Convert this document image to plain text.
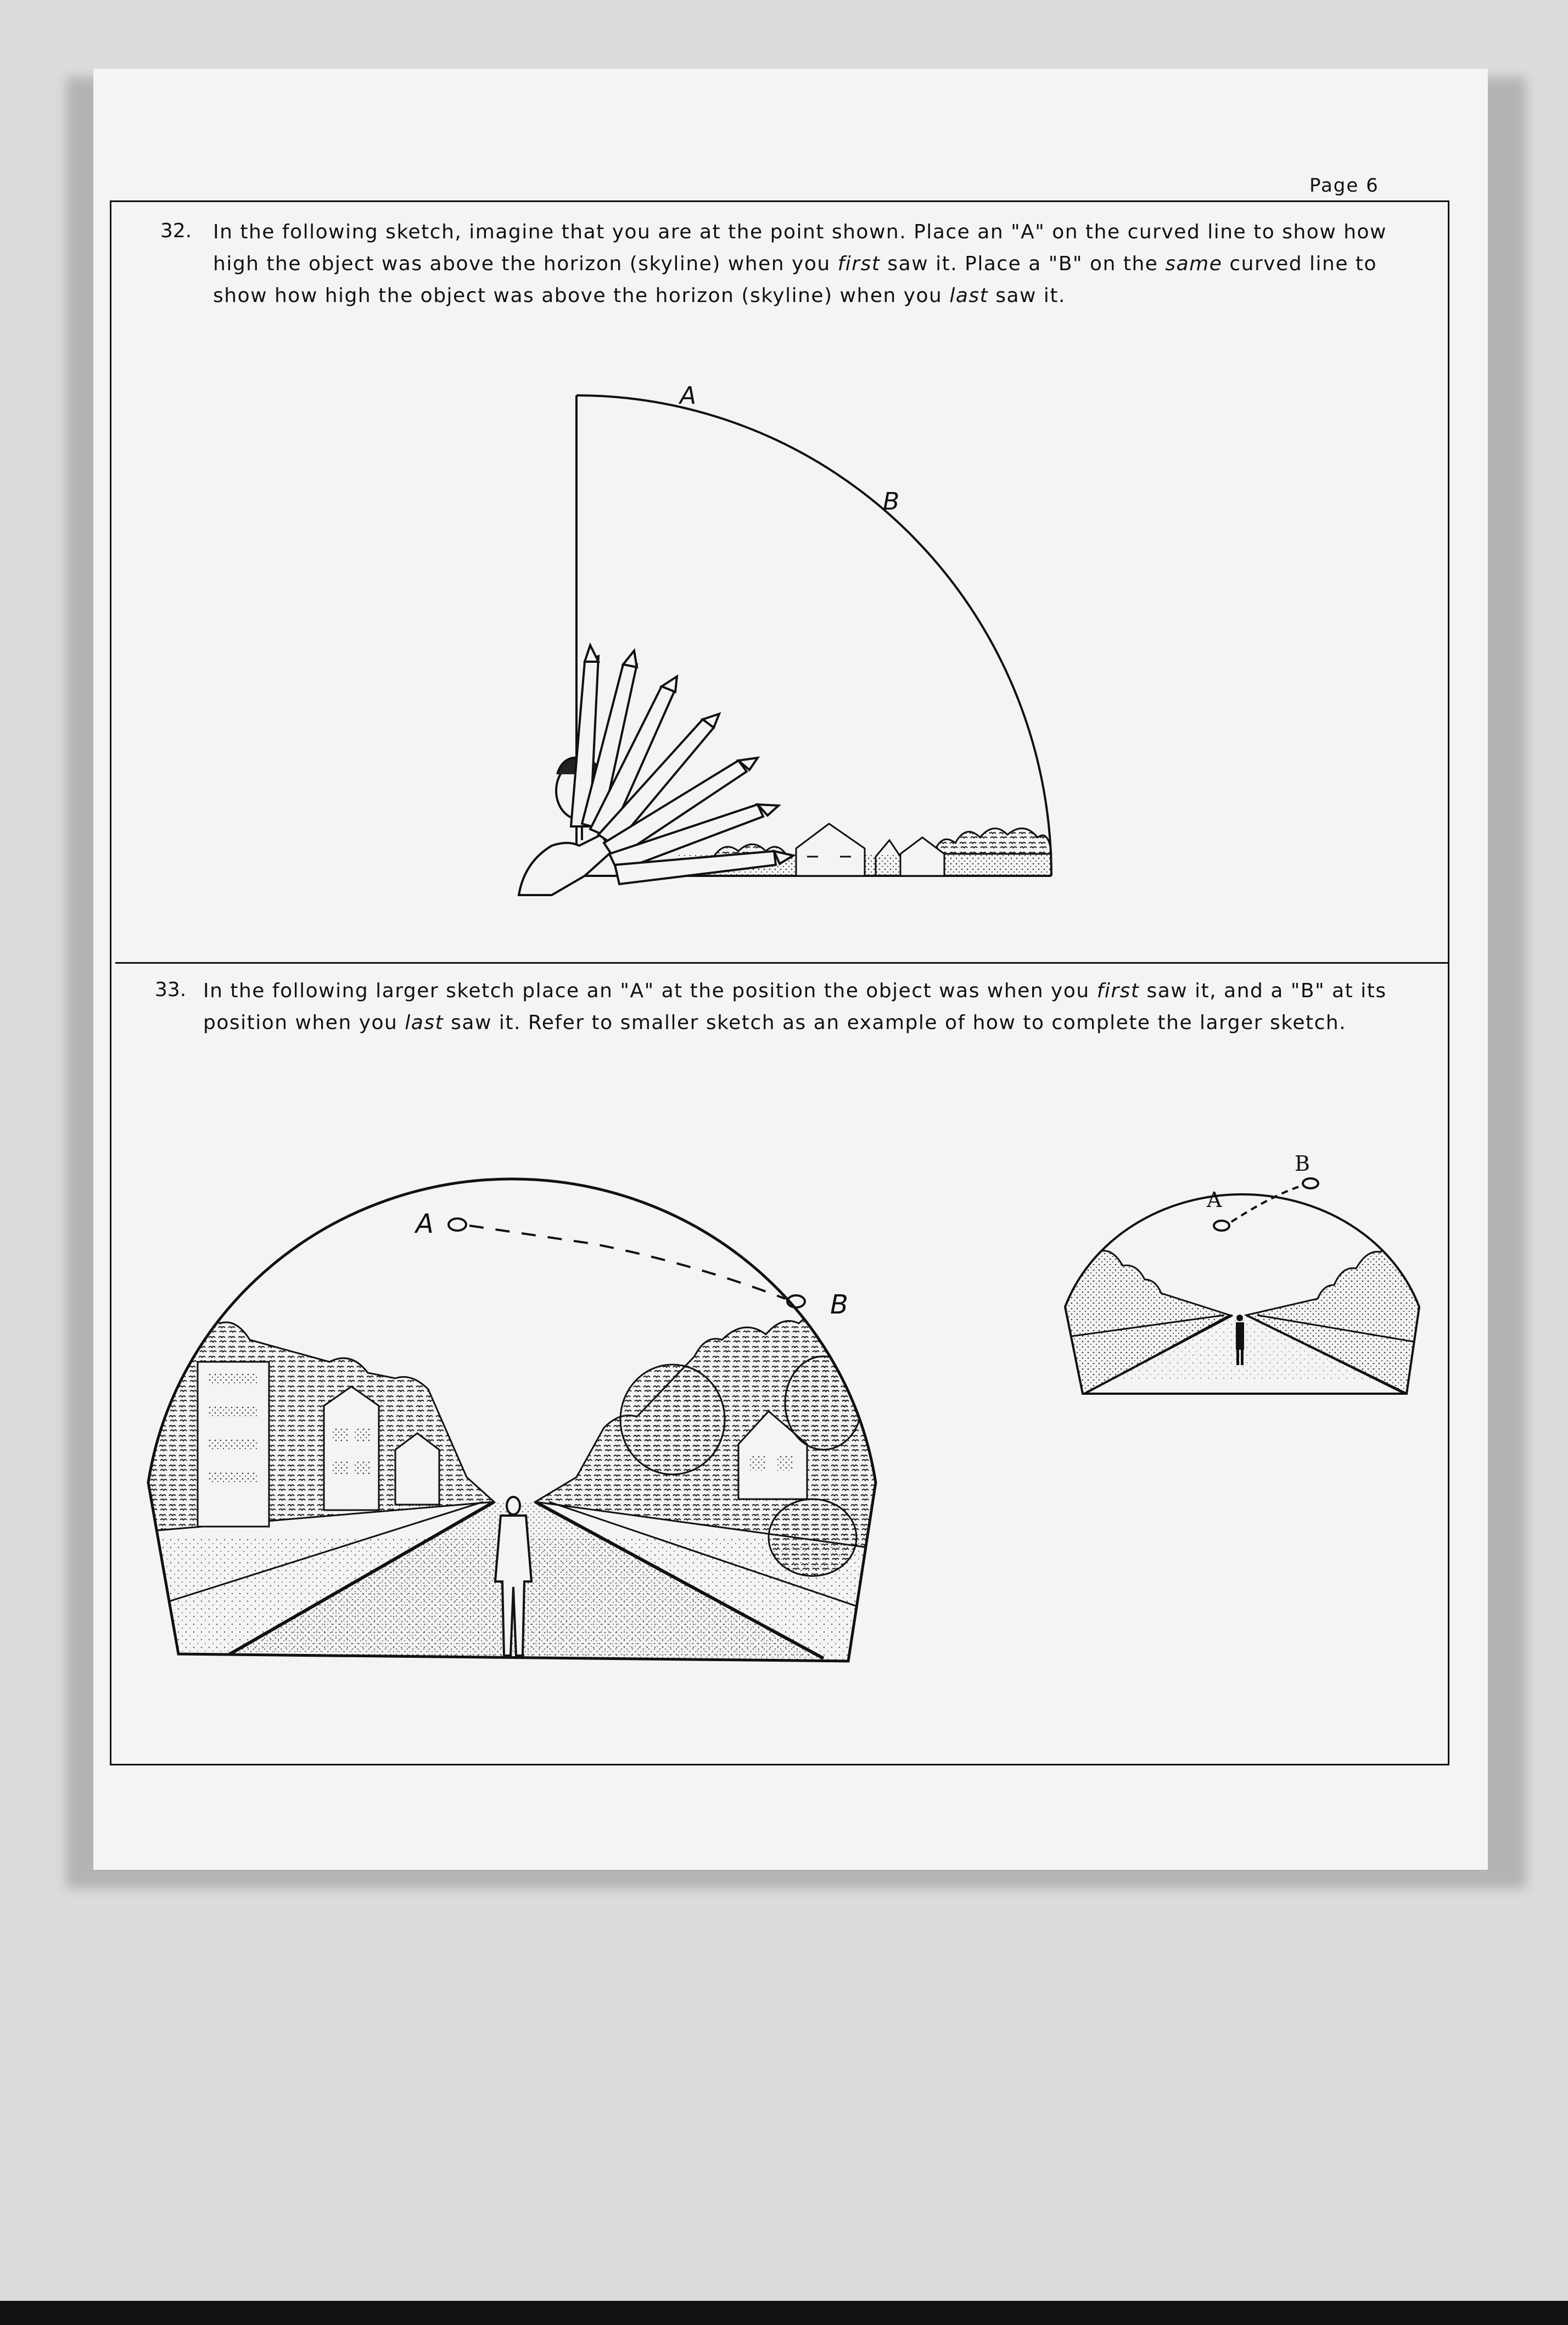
Page 6
32. In the following sketch, imagine that you are at the point shown. Place an "A" on the curved line to show how high the object was above the horizon (skyline) when you first saw it. Place a "B" on the same curved line to show how high the object was above the horizon (skyline) when you last saw it.
33. In the following larger sketch place an "A" at the position the object was when you first saw it, and a "B" at its position when you last saw it. Refer to smaller sketch as an example of how to complete the larger sketch.
A
B
A
B
A
B
